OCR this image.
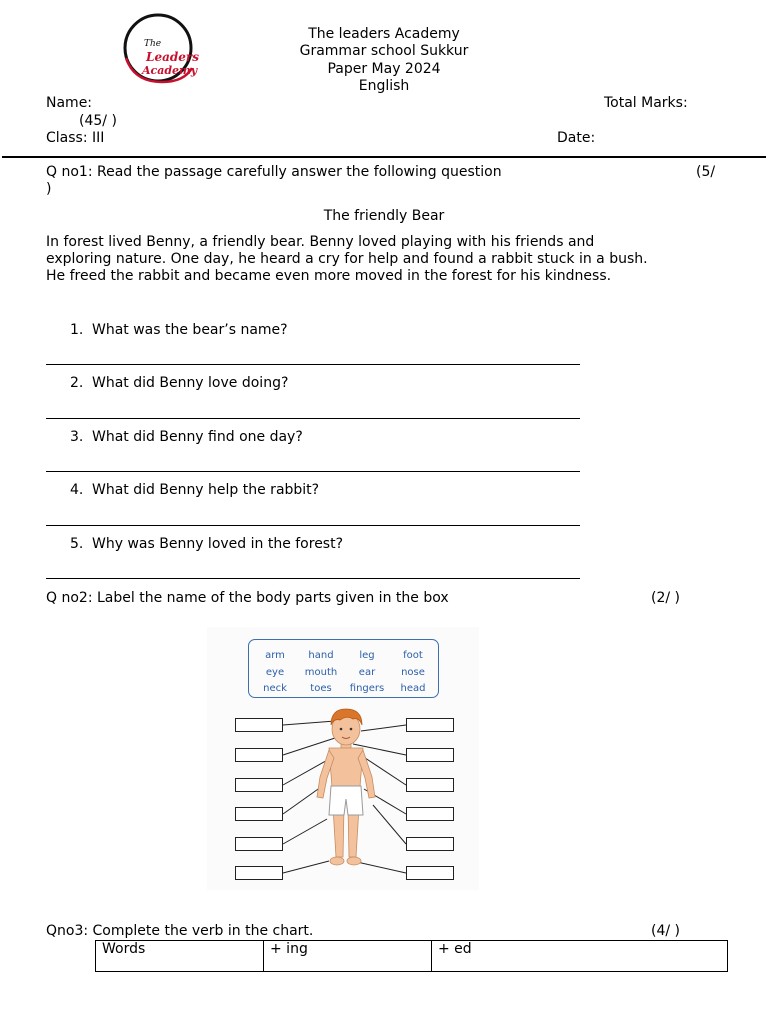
The
Leaders
Academy
The leaders Academy
Grammar school Sukkur
Paper May 2024
English
Name:	Total Marks:
(45/ )
Class: III	Date:
Q no1: Read the passage carefully answer the following question	(5/
)
The friendly Bear
In forest lived Benny, a friendly bear. Benny loved playing with his friends and
exploring nature. One day, he heard a cry for help and found a rabbit stuck in a bush.
He freed the rabbit and became even more moved in the forest for his kindness.
1. What was the bear’s name?
2. What did Benny love doing?
3. What did Benny find one day?
4. What did Benny help the rabbit?
5. Why was Benny loved in the forest?
Q no2: Label the name of the body parts given in the box	(2/ )
arm	hand	leg	foot
eye	mouth	ear	nose
neck	toes	fingers	head
Qno3: Complete the verb in the chart.	(4/ )
Words	+ ing	+ ed
